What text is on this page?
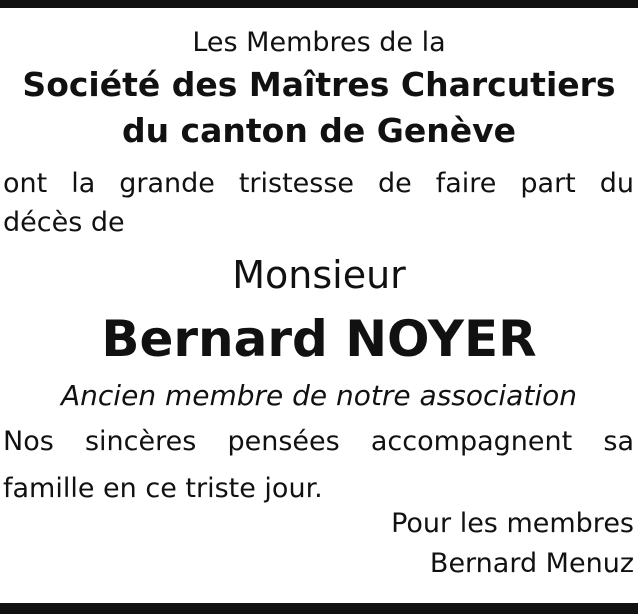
Les Membres de la
Société des Maîtres Charcutiers
du canton de Genève
ont la grande tristesse de faire part du
décès de
Monsieur
Bernard NOYER
Ancien membre de notre association
Nos sincères pensées accompagnent sa
famille en ce triste jour.
Pour les membres
Bernard Menuz
